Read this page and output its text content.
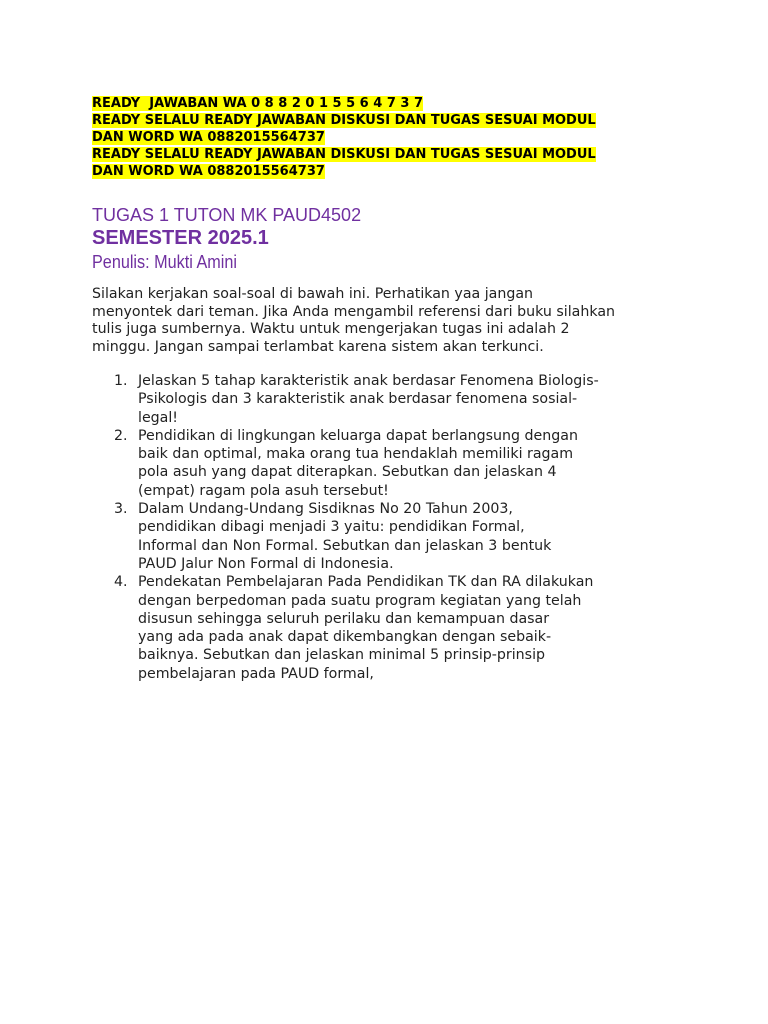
READY  JAWABAN WA 0 8 8 2 0 1 5 5 6 4 7 3 7
READY SELALU READY JAWABAN DISKUSI DAN TUGAS SESUAI MODUL
DAN WORD WA 0882015564737
READY SELALU READY JAWABAN DISKUSI DAN TUGAS SESUAI MODUL
DAN WORD WA 0882015564737
TUGAS 1 TUTON MK PAUD4502
SEMESTER 2025.1
Penulis: Mukti Amini
Silakan kerjakan soal-soal di bawah ini. Perhatikan yaa jangan
menyontek dari teman. Jika Anda mengambil referensi dari buku silahkan
tulis juga sumbernya. Waktu untuk mengerjakan tugas ini adalah 2
minggu. Jangan sampai terlambat karena sistem akan terkunci.
1. Jelaskan 5 tahap karakteristik anak berdasar Fenomena Biologis-
Psikologis dan 3 karakteristik anak berdasar fenomena sosial-
legal!
2. Pendidikan di lingkungan keluarga dapat berlangsung dengan
baik dan optimal, maka orang tua hendaklah memiliki ragam
pola asuh yang dapat diterapkan. Sebutkan dan jelaskan 4
(empat) ragam pola asuh tersebut!
3. Dalam Undang-Undang Sisdiknas No 20 Tahun 2003,
pendidikan dibagi menjadi 3 yaitu: pendidikan Formal,
Informal dan Non Formal. Sebutkan dan jelaskan 3 bentuk
PAUD Jalur Non Formal di Indonesia.
4. Pendekatan Pembelajaran Pada Pendidikan TK dan RA dilakukan
dengan berpedoman pada suatu program kegiatan yang telah
disusun sehingga seluruh perilaku dan kemampuan dasar
yang ada pada anak dapat dikembangkan dengan sebaik-
baiknya. Sebutkan dan jelaskan minimal 5 prinsip-prinsip
pembelajaran pada PAUD formal,
